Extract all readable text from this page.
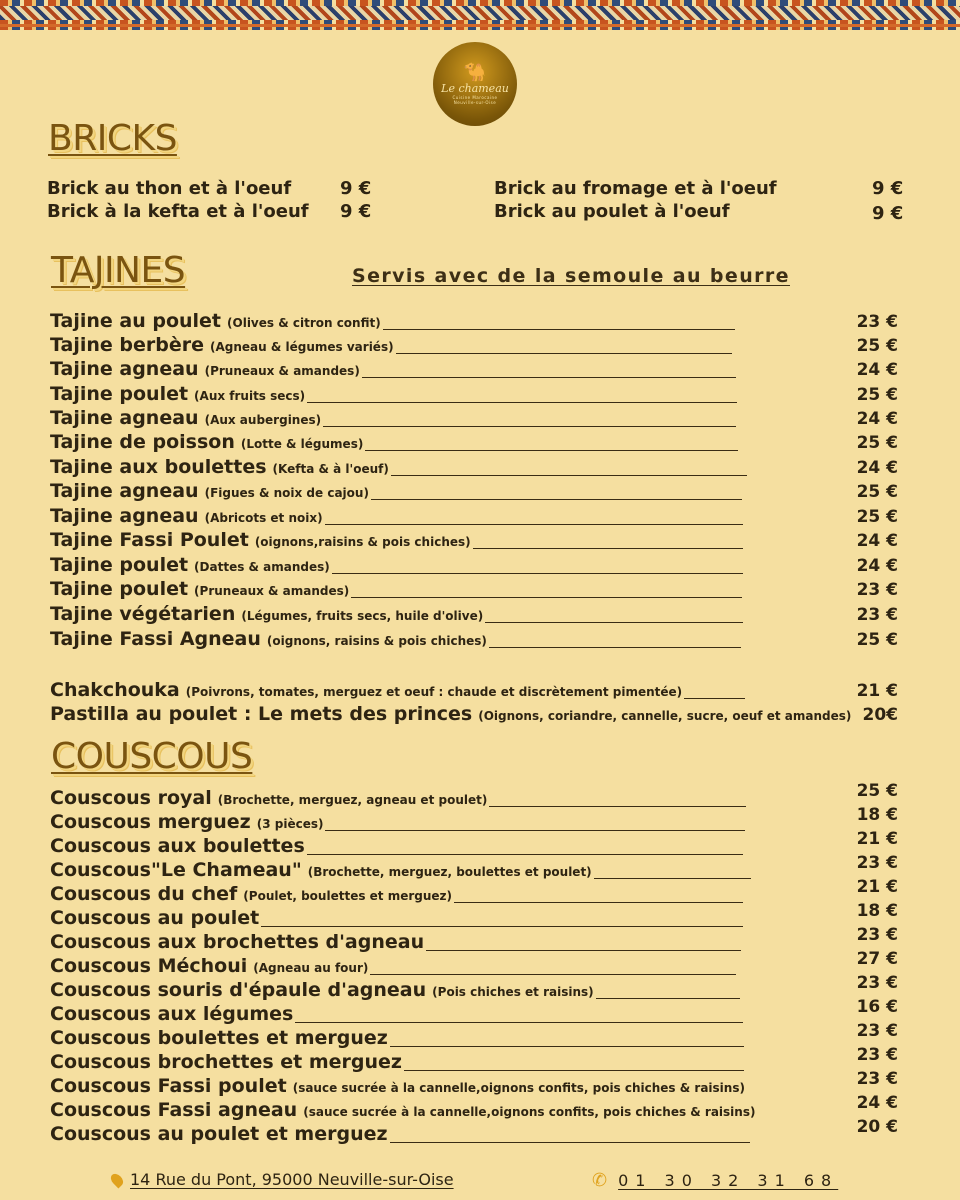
🐪
Le chameau
Cuisine Marocaine
Neuville-sur-Oise
BRICKS
Brick au thon et à l'oeuf	9 €
Brick à la kefta et à l'oeuf 9 €
Brick au fromage et à l'oeuf	9 €
Brick au poulet à l'oeuf	9 €
TAJINES	Servis avec de la semoule au beurre
Tajine au poulet (Olives & citron confit)	23 €
Tajine berbère (Agneau & légumes variés)	25 €
Tajine agneau (Pruneaux & amandes)	24 €
Tajine poulet (Aux fruits secs)	25 €
Tajine agneau (Aux aubergines)	24 €
Tajine de poisson (Lotte & légumes)	25 €
Tajine aux boulettes (Kefta & à l'oeuf)	24 €
Tajine agneau (Figues & noix de cajou)	25 €
Tajine agneau (Abricots et noix)	25 €
Tajine Fassi Poulet (oignons,raisins & pois chiches)	24 €
Tajine poulet (Dattes & amandes)	24 €
Tajine poulet (Pruneaux & amandes)	23 €
Tajine végétarien (Légumes, fruits secs, huile d'olive)	23 €
Tajine Fassi Agneau (oignons, raisins & pois chiches)	25 €
Chakchouka (Poivrons, tomates, merguez et oeuf : chaude et discrètement pimentée)	21 €
Pastilla au poulet : Le mets des princes (Oignons, coriandre, cannelle, sucre, oeuf et amandes) 20€
COUSCOUS
Couscous royal (Brochette, merguez, agneau et poulet)	25 €
Couscous merguez (3 pièces)	18 €
Couscous aux boulettes	21 €
Couscous"Le Chameau" (Brochette, merguez, boulettes et poulet)	23 €
Couscous du chef (Poulet, boulettes et merguez)	21 €
Couscous au poulet	18 €
Couscous aux brochettes d'agneau	23 €
Couscous Méchoui (Agneau au four)	27 €
Couscous souris d'épaule d'agneau (Pois chiches et raisins)	23 €
Couscous aux légumes	16 €
Couscous boulettes et merguez	23 €
Couscous brochettes et merguez	23 €
Couscous Fassi poulet (sauce sucrée à la cannelle,oignons confits, pois chiches & raisins)	23 €
Couscous Fassi agneau (sauce sucrée à la cannelle,oignons confits, pois chiches & raisins)	24 €
Couscous au poulet et merguez	20 €
14 Rue du Pont, 95000 Neuville-sur-Oise	✆ 01 30 32 31 68
